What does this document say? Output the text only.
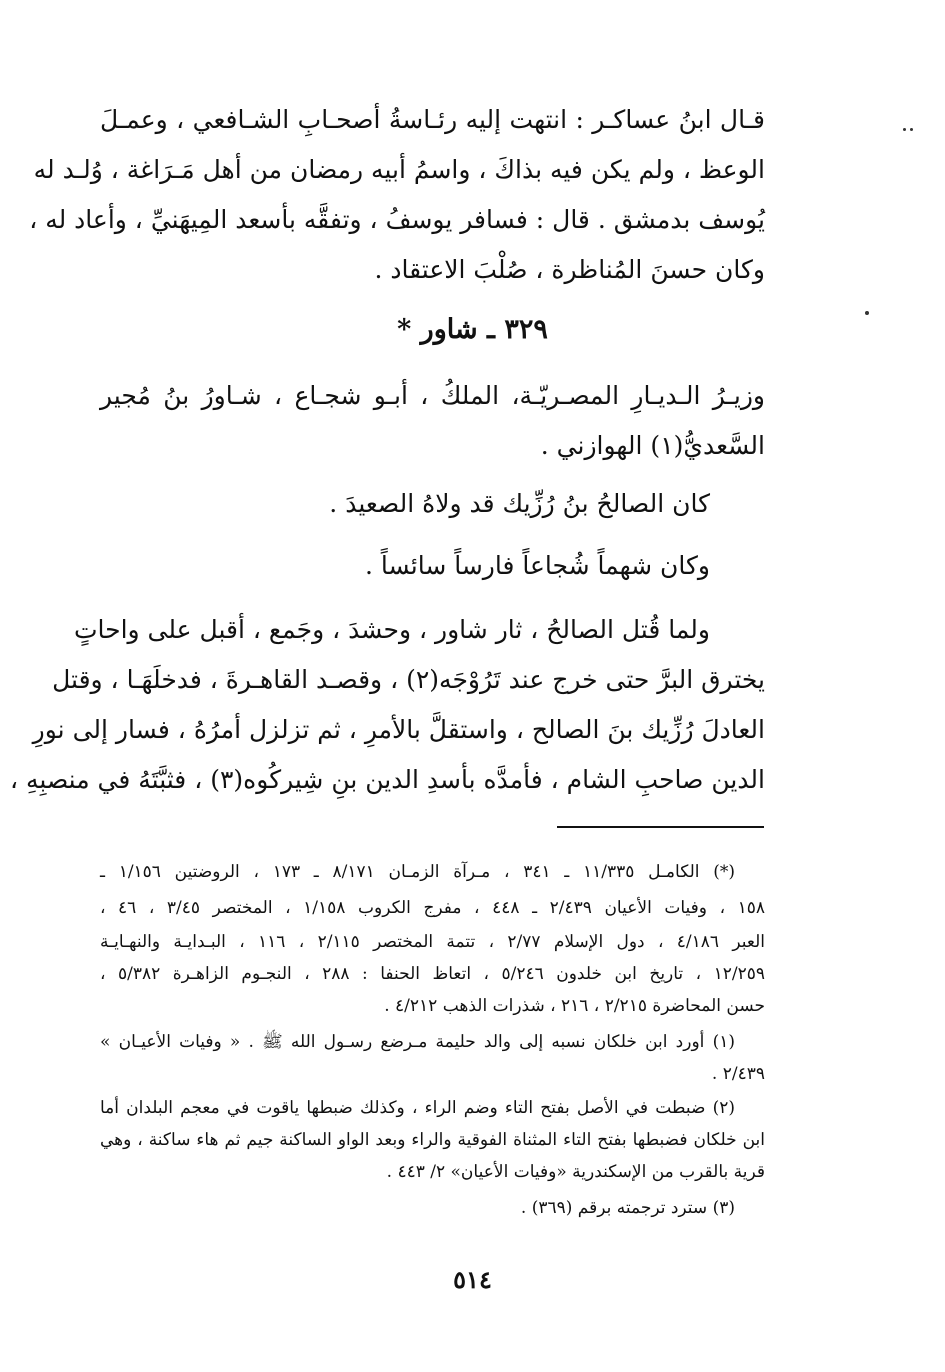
قـال ابنُ عساكـر : انتهت إليه رئـاسةُ أصحـابِ الشـافعي ، وعمـلَ
الوعظ ، ولم يكن فيه بذاكَ ، واسمُ أبيه رمضان من أهل مَـرَاغة ، وُلـد له
يُوسف بدمشق . قال : فسافر يوسفُ ، وتفقَّه بأسعد المِيهَنيِّ ، وأعاد له ،
وكان حسنَ المُناظرة ، صُلْبَ الاعتقاد .
٣٢٩ ـ شاور *
وزيـرُ الـديـارِ المصـريّـة، الملكُ ، أبـو شجـاع ، شـاورُ بنُ مُجير
السَّعديُّ(١) الهوازني .
كان الصالحُ بنُ رُزِّيك قد ولاهُ الصعيدَ .
وكان شهماً شُجاعاً فارساً سائساً .
ولما قُتل الصالحُ ، ثار شاور ، وحشدَ ، وجَمع ، أقبل على واحاتٍ
يخترق البرَّ حتى خرج عند تَرُوْجَه(٢) ، وقصـد القاهـرةَ ، فدخلَهَـا ، وقتل
العادلَ رُزِّيك بنَ الصالح ، واستقلَّ بالأمرِ ، ثم تزلزل أمرُهُ ، فسار إلى نورِ
الدين صاحبِ الشام ، فأمدَّه بأسدِ الدين بنِ شِيركُوه(٣) ، فثبَّتَهُ في منصبِهِ ،
(*) الكامـل ١١/٣٣٥ ـ ٣٤١ ، مـرآة الزمـان ٨/١٧١ ـ ١٧٣ ، الروضتين ١/١٥٦ ـ
١٥٨ ، وفيات الأعيان ٢/٤٣٩ ـ ٤٤٨ ، مفرج الكروب ١/١٥٨ ، المختصر ٣/٤٥ ، ٤٦ ،
العبر ٤/١٨٦ ، دول الإسلام ٢/٧٧ ، تتمة المختصر ٢/١١٥ ، ١١٦ ، البـدايـة والنهـايـة
١٢/٢٥٩ ، تاريخ ابن خلدون ٥/٢٤٦ ، اتعاظ الحنفا : ٢٨٨ ، النجـوم الزاهـرة ٥/٣٨٢ ،
حسن المحاضرة ٢/٢١٥ ، ٢١٦ ، شذرات الذهب ٤/٢١٢ .
(١) أورد ابن خلكان نسبه إلى والد حليمة مـرضع رسـول الله ﷺ . « وفيات الأعيـان »
٢/٤٣٩ .
(٢) ضبطت في الأصل بفتح التاء وضم الراء ، وكذلك ضبطها ياقوت في معجم البلدان أما
ابن خلكان فضبطها بفتح التاء المثناة الفوقية والراء وبعد الواو الساكنة جيم ثم هاء ساكنة ، وهي
قرية بالقرب من الإسكندرية «وفيات الأعيان» ٢/ ٤٤٣ .
(٣) سترد ترجمته برقم (٣٦٩) .
٥١٤
